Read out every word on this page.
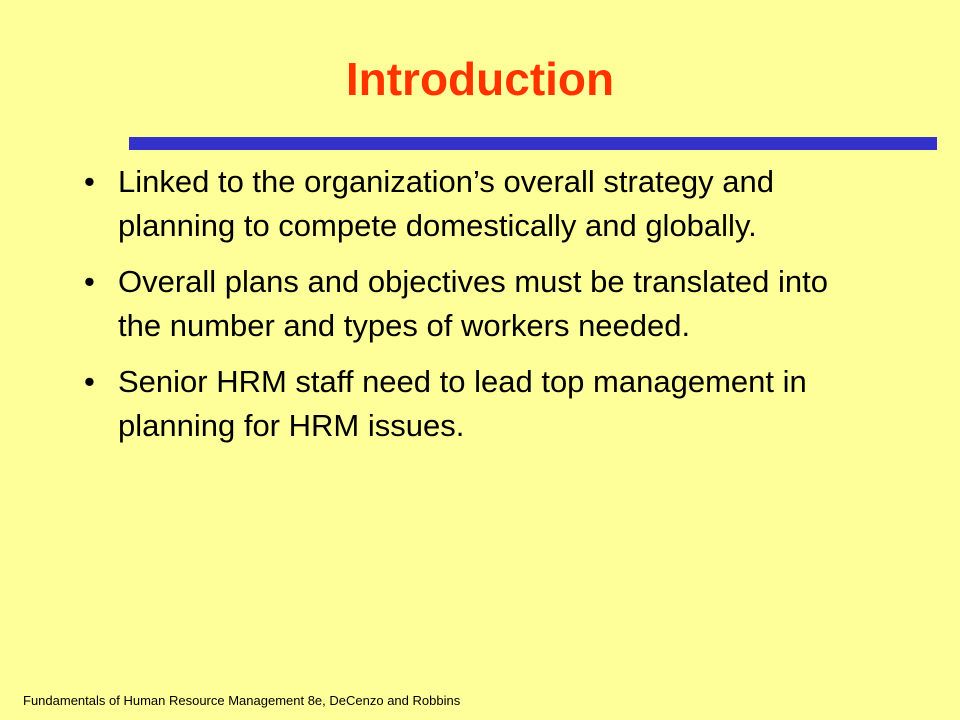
Introduction
• Linked to the organization’s overall strategy and planning to compete domestically and globally.
• Overall plans and objectives must be translated into the number and types of workers needed.
• Senior HRM staff need to lead top management in planning for HRM issues.
Fundamentals of Human Resource Management 8e, DeCenzo and Robbins
